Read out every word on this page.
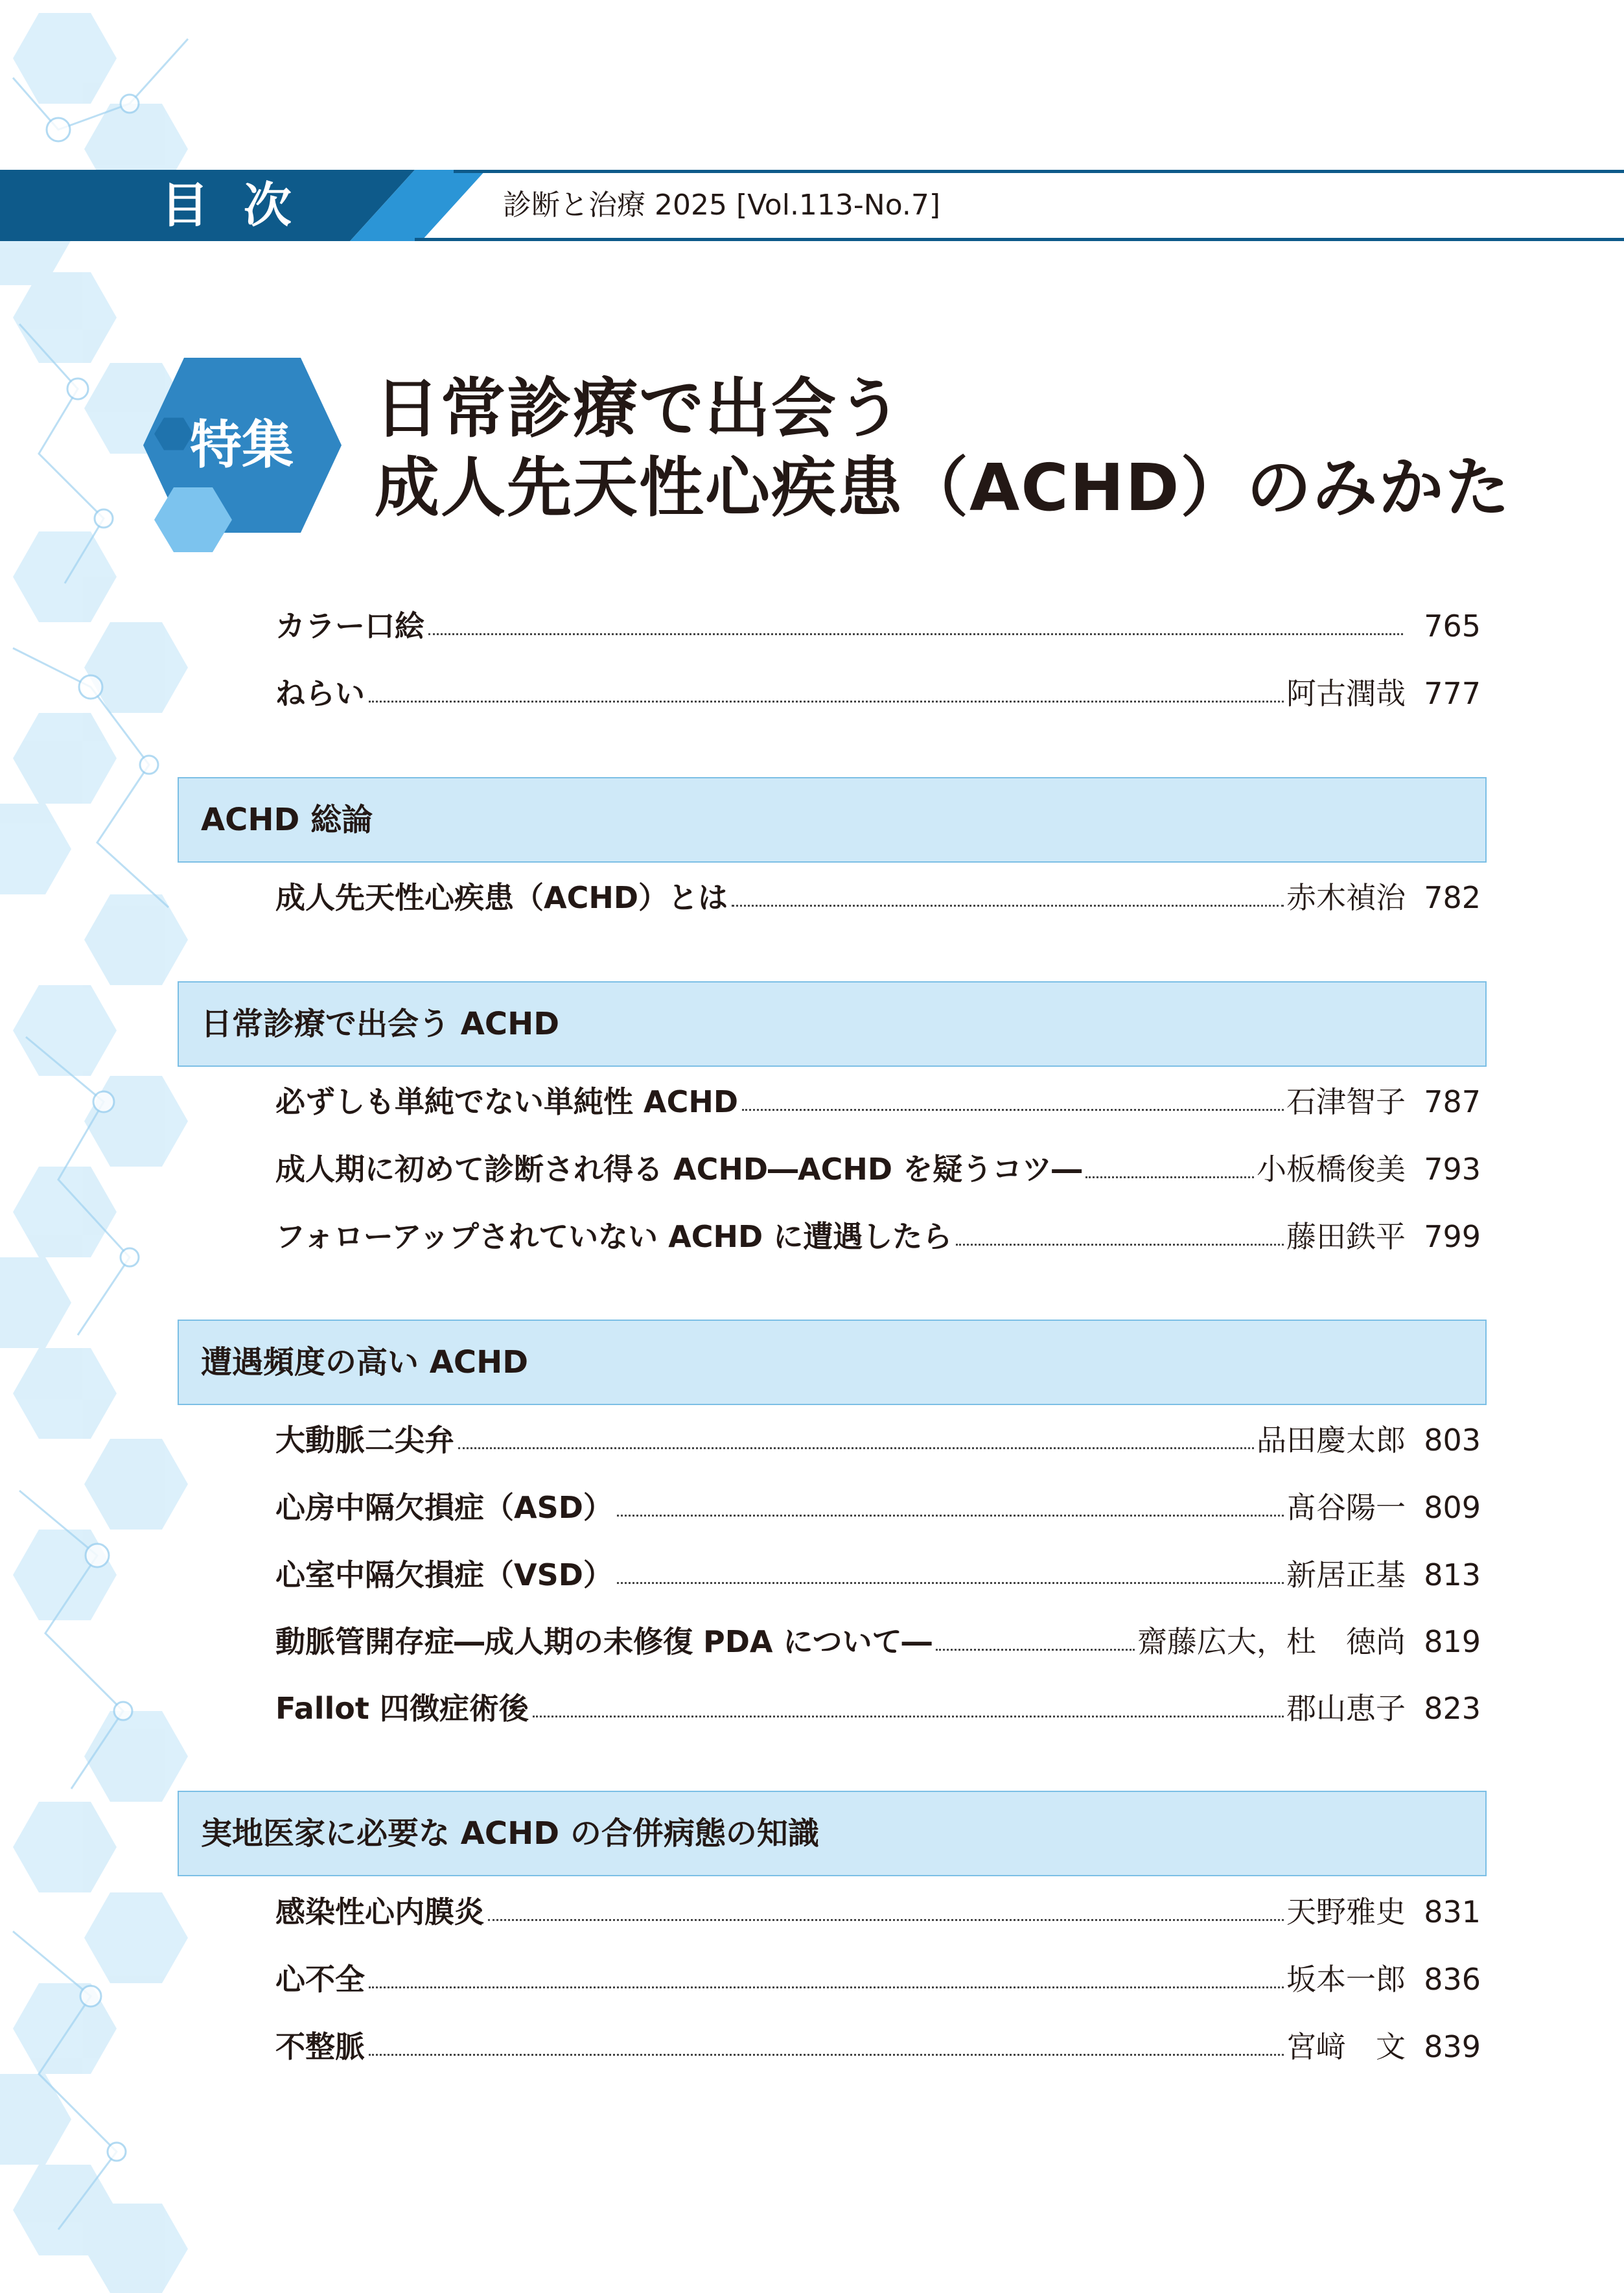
目 次	診断と治療 2025 [Vol.113-No.7]
特集	日常診療で出会う
成人先天性心疾患（ACHD）のみかた
カラー口絵	765
ねらい	阿古潤哉 777
ACHD 総論
成人先天性心疾患（ACHD）とは	赤木禎治 782
日常診療で出会う ACHD
必ずしも単純でない単純性 ACHD	石津智子 787
成人期に初めて診断され得る ACHD―ACHD を疑うコツ―	小板橋俊美 793
フォローアップされていない ACHD に遭遇したら	藤田鉄平 799
遭遇頻度の高い ACHD
大動脈二尖弁	品田慶太郎 803
心房中隔欠損症（ASD）	髙谷陽一 809
心室中隔欠損症（VSD）	新居正基 813
動脈管開存症―成人期の未修復 PDA について―	齋藤広大，杜　徳尚 819
Fallot 四徴症術後	郡山恵子 823
実地医家に必要な ACHD の合併病態の知識
感染性心内膜炎	天野雅史 831
心不全	坂本一郎 836
不整脈	宮﨑　文 839
